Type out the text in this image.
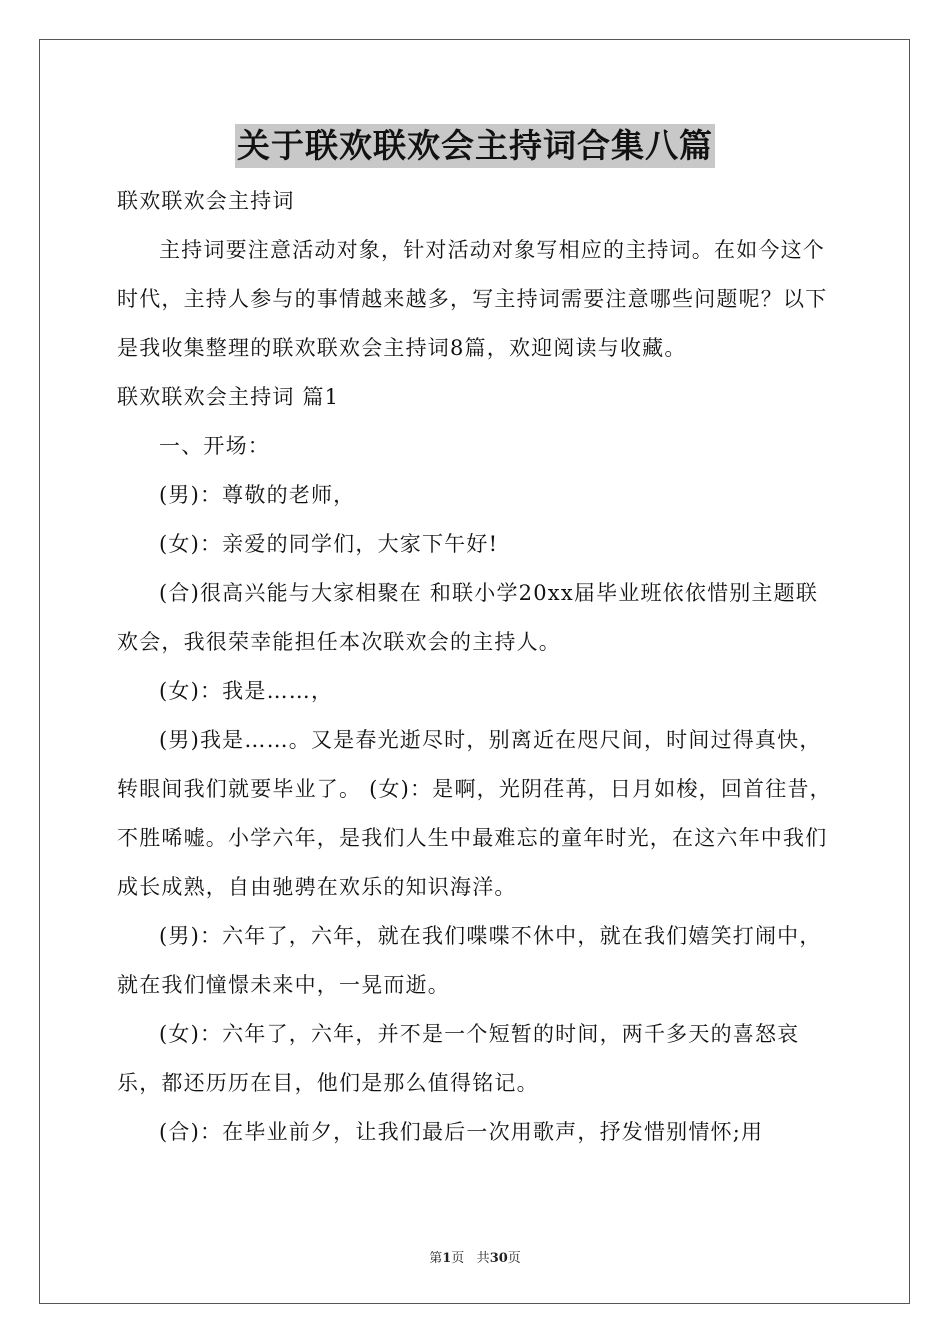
关于联欢联欢会主持词合集八篇

联欢联欢会主持词

主持词要注意活动对象，针对活动对象写相应的主持词。在如今这个时代，主持人参与的事情越来越多，写主持词需要注意哪些问题呢？以下是我收集整理的联欢联欢会主持词8篇，欢迎阅读与收藏。

联欢联欢会主持词 篇1

一、开场：

(男)：尊敬的老师，

(女)：亲爱的同学们，大家下午好!

(合)很高兴能与大家相聚在 和联小学20xx届毕业班依依惜别主题联欢会，我很荣幸能担任本次联欢会的主持人。

(女)：我是……，

(男)我是……。又是春光逝尽时，别离近在咫尺间，时间过得真快，转眼间我们就要毕业了。 (女)：是啊，光阴荏苒，日月如梭，回首往昔，不胜唏嘘。小学六年，是我们人生中最难忘的童年时光，在这六年中我们成长成熟，自由驰骋在欢乐的知识海洋。

(男)：六年了，六年，就在我们喋喋不休中，就在我们嬉笑打闹中，就在我们憧憬未来中，一晃而逝。

(女)：六年了，六年，并不是一个短暂的时间，两千多天的喜怒哀乐，都还历历在目，他们是那么值得铭记。

(合)：在毕业前夕，让我们最后一次用歌声，抒发惜别情怀;用

第1页 共30页
